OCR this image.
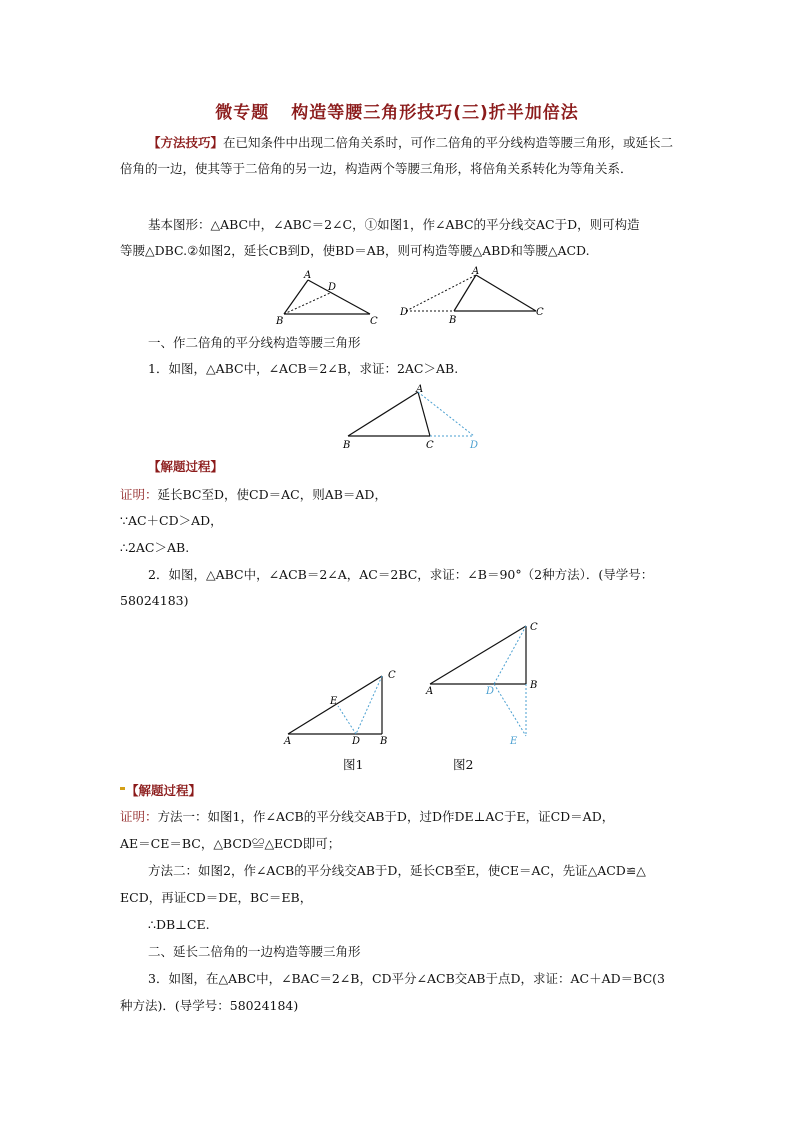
微专题 构造等腰三角形技巧(三)折半加倍法
【方法技巧】在已知条件中出现二倍角关系时，可作二倍角的平分线构造等腰三角形，或延长二倍角的一边，使其等于二倍角的另一边，构造两个等腰三角形，将倍角关系转化为等角关系．
基本图形：△ABC中，∠ABC＝2∠C，①如图1，作∠ABC的平分线交AC于D，则可构造
等腰△DBC.②如图2，延长CB到D，使BD＝AB，则可构造等腰△ABD和等腰△ACD.
A
D
B	C
A
D
B
C
一、作二倍角的平分线构造等腰三角形
1．如图，△ABC中，∠ACB＝2∠B，求证：2AC＞AB.
A
B	C	D
【解题过程】
证明：延长BC至D，使CD＝AC，则AB＝AD，
∵AC＋CD＞AD，
∴2AC＞AB.
2．如图，△ABC中，∠ACB＝2∠A，AC＝2BC，求证：∠B＝90°（2种方法）．(导学号：
58024183)
C
E
A	D B
C
A	D
B
E
图1	图2
【解题过程】
证明：方法一：如图1，作∠ACB的平分线交AB于D，过D作DE⊥AC于E，证CD＝AD，
AE＝CE＝BC，△BCD≌△ECD即可；
方法二：如图2，作∠ACB的平分线交AB于D，延长CB至E，使CE＝AC，先证△ACD≌△
ECD，再证CD＝DE，BC＝EB，
∴DB⊥CE.
二、延长二倍角的一边构造等腰三角形
3．如图，在△ABC中，∠BAC＝2∠B，CD平分∠ACB交AB于点D，求证：AC＋AD＝BC(3
种方法)．(导学号：58024184)
